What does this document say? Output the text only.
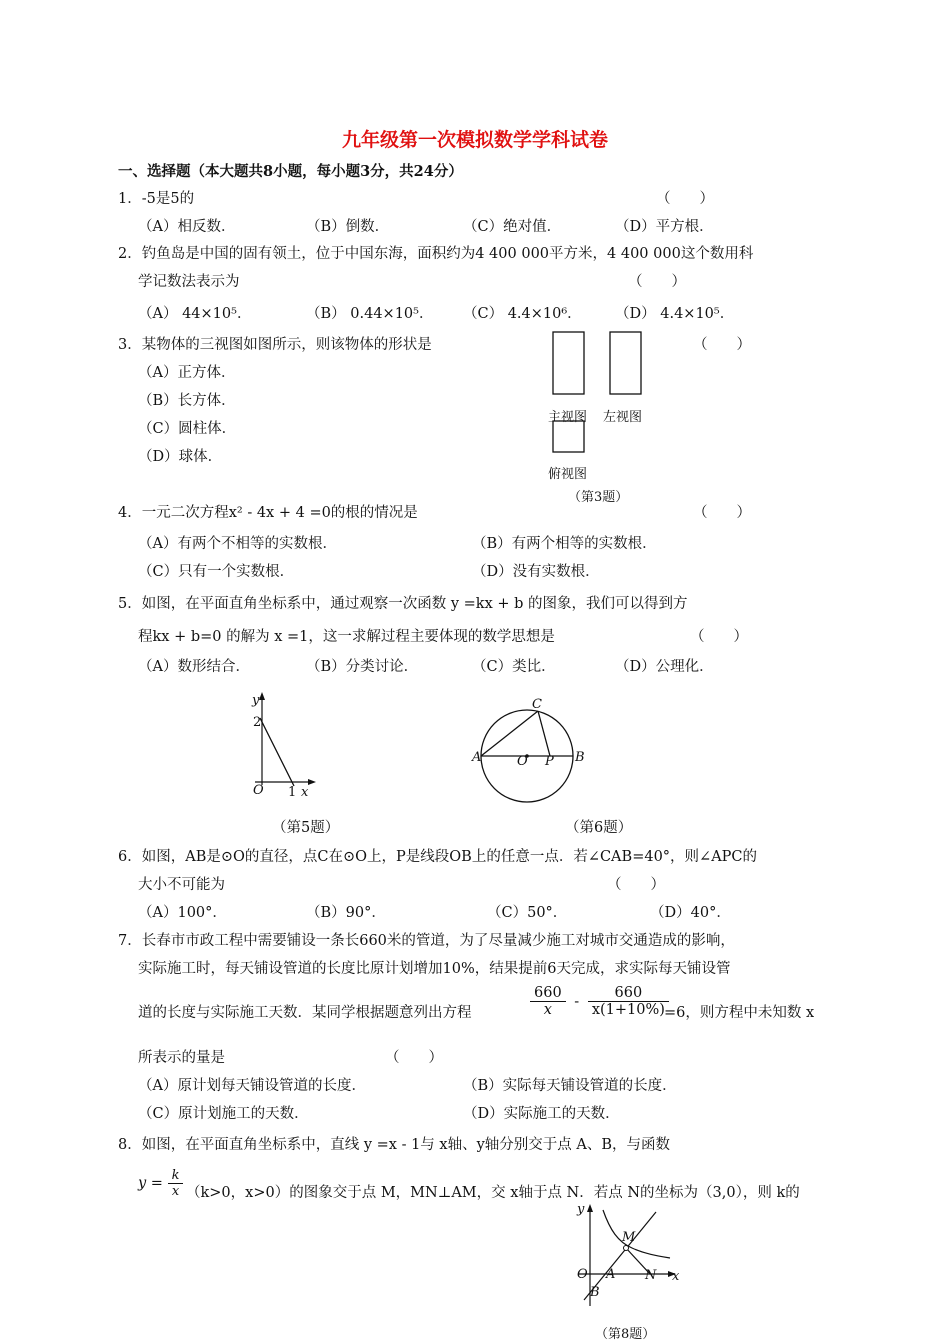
九年级第一次模拟数学学科试卷
一、选择题（本大题共8小题，每小题3分，共24分）
1．-5是5的	（　　）
（A）相反数．	（B）倒数．	（C）绝对值．	（D）平方根．
2．钓鱼岛是中国的固有领土，位于中国东海，面积约为4 400 000平方米，4 400 000这个数用科
学记数法表示为	（　　）
（A） 44×10⁵．	（B） 0.44×10⁵． （C） 4.4×10⁶． （D） 4.4×10⁵．
3．某物体的三视图如图所示，则该物体的形状是	（　　）
（A）正方体．
（B）长方体．
（C）圆柱体．
（D）球体．
主视图 左视图
俯视图
（第3题）
4．一元二次方程x² - 4x + 4 =0的根的情况是	（　　）
（A）有两个不相等的实数根．	（B）有两个相等的实数根．
（C）只有一个实数根．	（D）没有实数根．
5．如图，在平面直角坐标系中，通过观察一次函数 y =kx + b 的图象，我们可以得到方
程kx + b=0 的解为 x =1，这一求解过程主要体现的数学思想是	（　　）
（A）数形结合．	（B）分类讨论．	（C）类比．	（D）公理化．
y
2
O 1 x
（第5题）
C
A	B
O P
（第6题）
6．如图，AB是⊙O的直径，点C在⊙O上，P是线段OB上的任意一点．若∠CAB=40°，则∠APC的
大小不可能为	（　　）
（A）100°．	（B）90°．	（C）50°．	（D）40°．
7．长春市市政工程中需要铺设一条长660米的管道，为了尽量减少施工对城市交通造成的影响，
实际施工时，每天铺设管道的长度比原计划增加10%，结果提前6天完成，求实际每天铺设管
道的长度与实际施工天数．某同学根据题意列出方程	$\frac{660}{x} - \frac{660}{x(1+10\%)}$
=6，则方程中未知数 x
所表示的量是	（　　）
（A）原计划每天铺设管道的长度．	（B）实际每天铺设管道的长度．
（C）原计划施工的天数．	（D）实际施工的天数．
8．如图，在平面直角坐标系中，直线 y =x - 1与 x轴、y轴分别交于点 A、B，与函数
$y = \frac{k}{x} (k>0$，x>0）的图象交于点 M，MN⊥AM，交 x轴于点 N．若点 N的坐标为（3,0），则 k的
y
M
O A N x
B
（第8题）
